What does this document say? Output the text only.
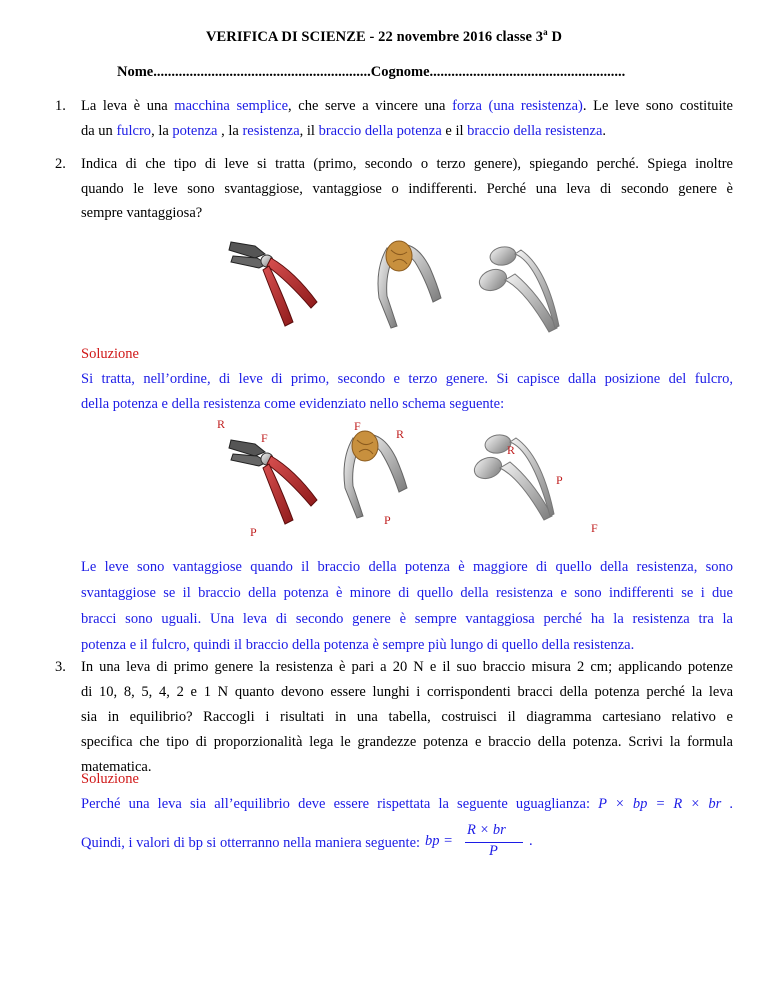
VERIFICA DI SCIENZE - 22 novembre 2016 classe 3$^a$ D
Nome............................................................Cognome......................................................
1. La leva è una macchina semplice, che serve a vincere una forza (una resistenza). Le leve sono costituite
da un fulcro, la potenza , la resistenza, il braccio della potenza e il braccio della resistenza.
2. Indica di che tipo di leve si tratta (primo, secondo o terzo genere), spiegando perché. Spiega inoltre
quando le leve sono svantaggiose, vantaggiose o indifferenti. Perché una leva di secondo genere è
sempre vantaggiosa?
Soluzione
Si tratta, nell’ordine, di leve di primo, secondo e terzo genere. Si capisce dalla posizione del fulcro,
della potenza e della resistenza come evidenziato nello schema seguente:
R
F
P
F
R
P
R
P
F
Le leve sono vantaggiose quando il braccio della potenza è maggiore di quello della resistenza, sono
svantaggiose se il braccio della potenza è minore di quello della resistenza e sono indifferenti se i due
bracci sono uguali. Una leva di secondo genere è sempre vantaggiosa perché ha la resistenza tra la
potenza e il fulcro, quindi il braccio della potenza è sempre più lungo di quello della resistenza.
3. In una leva di primo genere la resistenza è pari a 20 N e il suo braccio misura 2 cm; applicando potenze
di 10, 8, 5, 4, 2 e 1 N quanto devono essere lunghi i corrispondenti bracci della potenza perché la leva
sia in equilibrio? Raccogli i risultati in una tabella, costruisci il diagramma cartesiano relativo e
specifica che tipo di proporzionalità lega le grandezze potenza e braccio della potenza. Scrivi la formula
matematica.
Soluzione
Perché una leva sia all’equilibrio deve essere rispettata la seguente uguaglianza: P × bp = R × br .
Quindi, i valori di bp si otterranno nella maniera seguente: bp =
R × br
P
.
